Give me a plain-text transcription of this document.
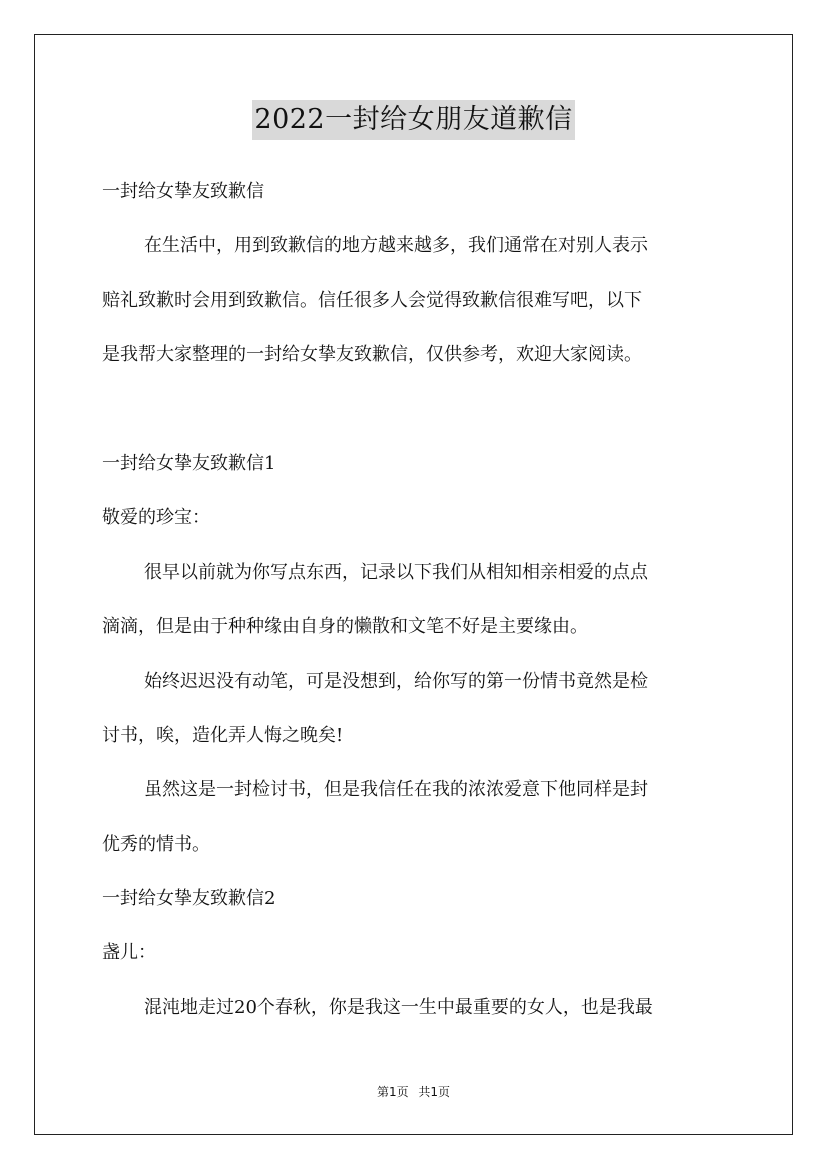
2022一封给女朋友道歉信
一封给女挚友致歉信
在生活中，用到致歉信的地方越来越多，我们通常在对别人表示
赔礼致歉时会用到致歉信。信任很多人会觉得致歉信很难写吧，以下
是我帮大家整理的一封给女挚友致歉信，仅供参考，欢迎大家阅读。
一封给女挚友致歉信1
敬爱的珍宝：
很早以前就为你写点东西，记录以下我们从相知相亲相爱的点点
滴滴，但是由于种种缘由自身的懒散和文笔不好是主要缘由。
始终迟迟没有动笔，可是没想到，给你写的第一份情书竟然是检
讨书，唉，造化弄人悔之晚矣!
虽然这是一封检讨书，但是我信任在我的浓浓爱意下他同样是封
优秀的情书。
一封给女挚友致歉信2
盏儿：
混沌地走过20个春秋，你是我这一生中最重要的女人，也是我最
第1页 共1页
